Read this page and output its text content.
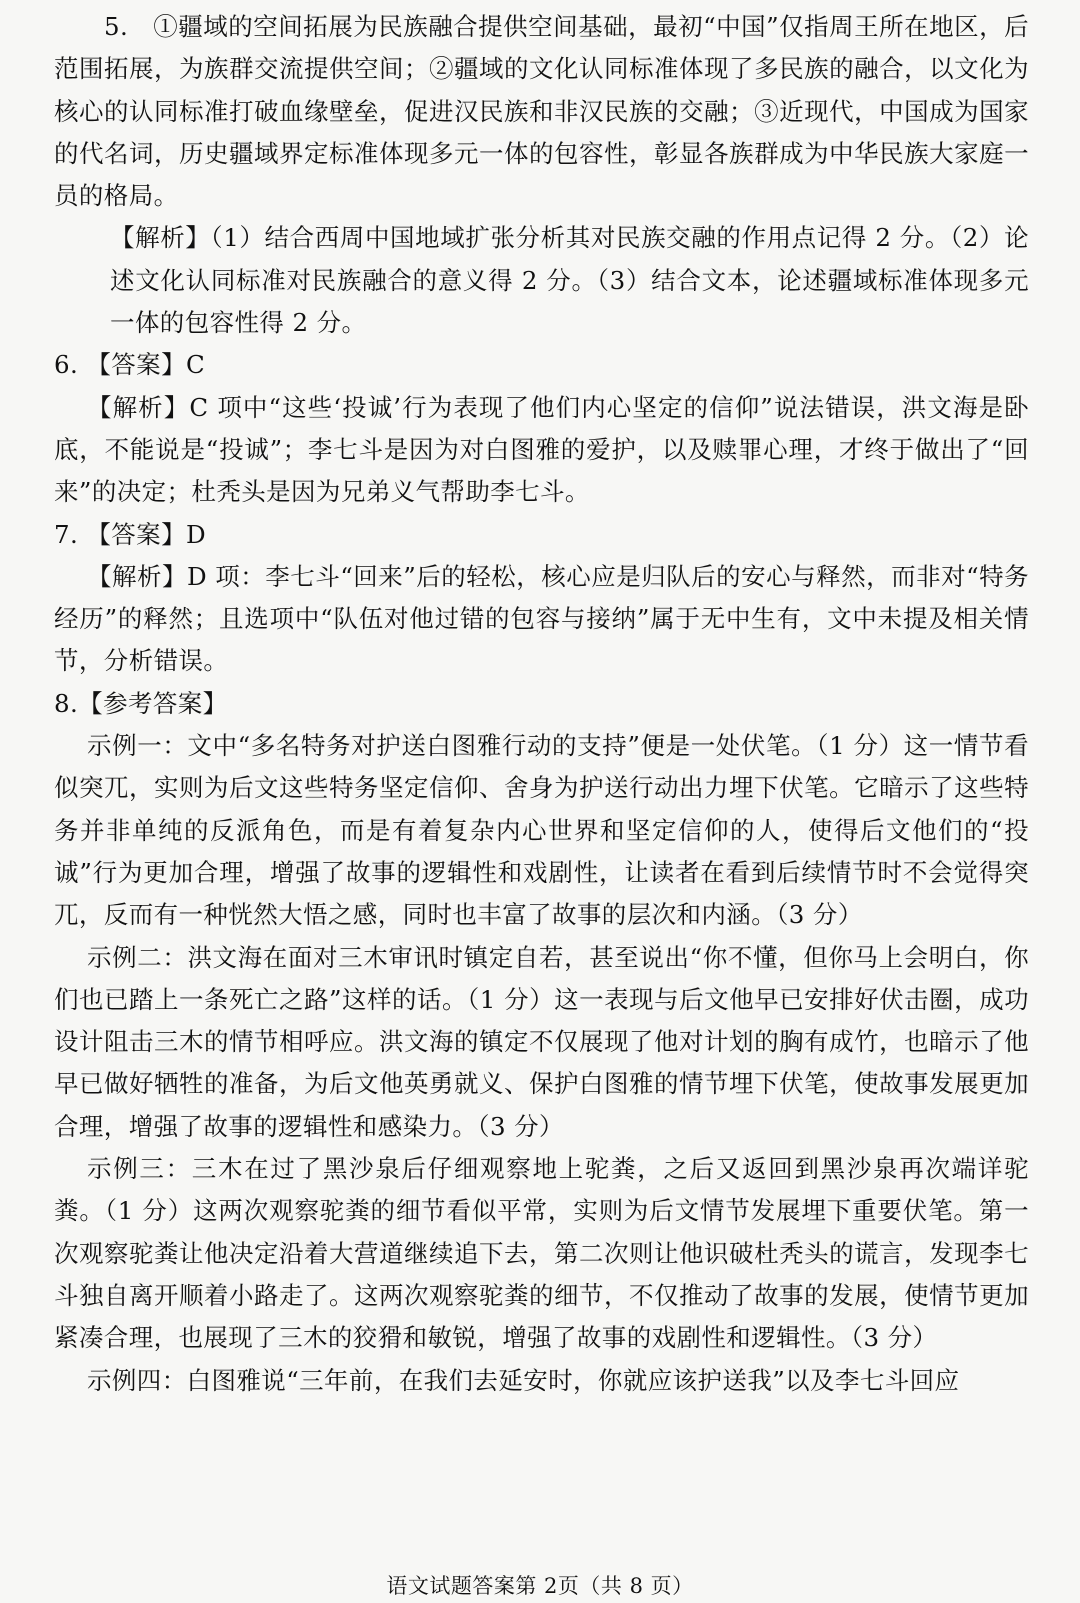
5.　①疆域的空间拓展为民族融合提供空间基础，最初“中国”仅指周王所在地区，后范围拓展，为族群交流提供空间；②疆域的文化认同标准体现了多民族的融合，以文化为核心的认同标准打破血缘壁垒，促进汉民族和非汉民族的交融；③近现代，中国成为国家的代名词，历史疆域界定标准体现多元一体的包容性，彰显各族群成为中华民族大家庭一员的格局。

【解析】（1）结合西周中国地域扩张分析其对民族交融的作用点记得 2 分。（2）论述文化认同标准对民族融合的意义得 2 分。（3）结合文本，论述疆域标准体现多元一体的包容性得 2 分。

6. 【答案】C

【解析】C 项中“这些‘投诚’行为表现了他们内心坚定的信仰”说法错误，洪文海是卧底，不能说是“投诚”；李七斗是因为对白图雅的爱护，以及赎罪心理，才终于做出了“回来”的决定；杜秃头是因为兄弟义气帮助李七斗。

7. 【答案】D

【解析】D 项：李七斗“回来”后的轻松，核心应是归队后的安心与释然，而非对“特务经历”的释然；且选项中“队伍对他过错的包容与接纳”属于无中生有，文中未提及相关情节，分析错误。

8.【参考答案】

示例一：文中“多名特务对护送白图雅行动的支持”便是一处伏笔。（1 分）这一情节看似突兀，实则为后文这些特务坚定信仰、舍身为护送行动出力埋下伏笔。它暗示了这些特务并非单纯的反派角色，而是有着复杂内心世界和坚定信仰的人，使得后文他们的“投诚”行为更加合理，增强了故事的逻辑性和戏剧性，让读者在看到后续情节时不会觉得突兀，反而有一种恍然大悟之感，同时也丰富了故事的层次和内涵。（3 分）

示例二：洪文海在面对三木审讯时镇定自若，甚至说出“你不懂，但你马上会明白，你们也已踏上一条死亡之路”这样的话。（1 分）这一表现与后文他早已安排好伏击圈，成功设计阻击三木的情节相呼应。洪文海的镇定不仅展现了他对计划的胸有成竹，也暗示了他早已做好牺牲的准备，为后文他英勇就义、保护白图雅的情节埋下伏笔，使故事发展更加合理，增强了故事的逻辑性和感染力。（3 分）

示例三：三木在过了黑沙泉后仔细观察地上驼粪，之后又返回到黑沙泉再次端详驼粪。（1 分）这两次观察驼粪的细节看似平常，实则为后文情节发展埋下重要伏笔。第一次观察驼粪让他决定沿着大营道继续追下去，第二次则让他识破杜秃头的谎言，发现李七斗独自离开顺着小路走了。这两次观察驼粪的细节，不仅推动了故事的发展，使情节更加紧凑合理，也展现了三木的狡猾和敏锐，增强了故事的戏剧性和逻辑性。（3 分）

示例四：白图雅说“三年前，在我们去延安时，你就应该护送我”以及李七斗回应

语文试题答案第 2页（共 8 页）
